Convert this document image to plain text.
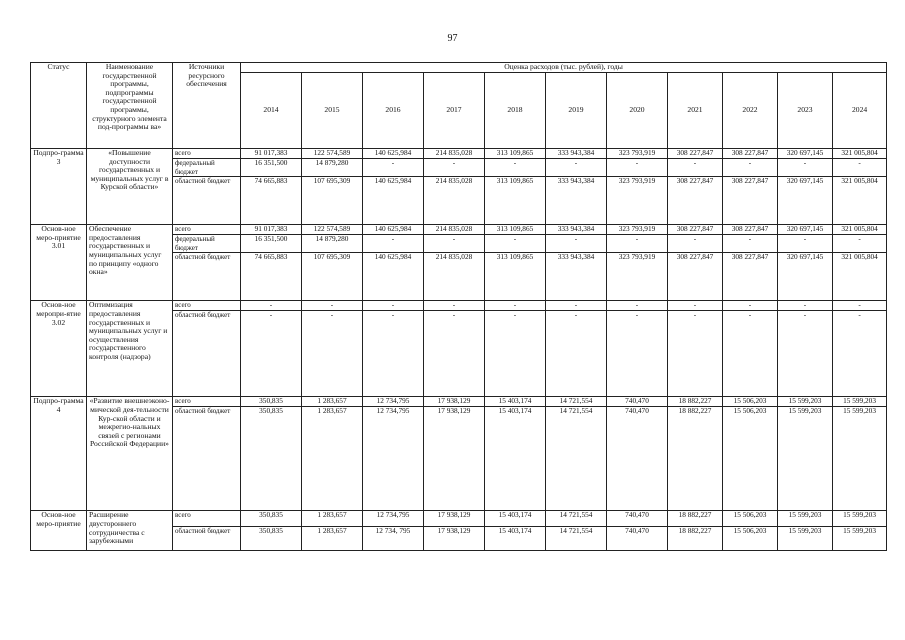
97
Статус	Наименование государственной программы, подпрограммы государственной программы, структурного элемента под-программы ва»	Источники ресурсного обеспечения	Оценка расходов (тыс. рублей), годы										
			2014	2015	2016	2017	2018	2019	2020	2021	2022	2023	2024
Подпро-грамма 3	«Повышение доступности государственных и муниципальных услуг в Курской области»	всего	91 017,383	122 574,589	140 625,984	214 835,028	313 109,865	333 943,384	323 793,919	308 227,847	308 227,847	320 697,145	321 005,804
		федеральный бюджет	16 351,500	14 879,280	-	-	-	-	-	-	-	-	-
		областной бюджет	74 665,883	107 695,309	140 625,984	214 835,028	313 109,865	333 943,384	323 793,919	308 227,847	308 227,847	320 697,145	321 005,804
Основ-ное меро-приятие 3.01	Обеспечение предоставления государственных и муниципальных услуг по принципу «одного окна»	всего	91 017,383	122 574,589	140 625,984	214 835,028	313 109,865	333 943,384	323 793,919	308 227,847	308 227,847	320 697,145	321 005,804
		федеральный бюджет	16 351,500	14 879,280	-	-	-	-	-	-	-	-	-
		областной бюджет	74 665,883	107 695,309	140 625,984	214 835,028	313 109,865	333 943,384	323 793,919	308 227,847	308 227,847	320 697,145	321 005,804
Основ-ное меропри-ятие 3.02	Оптимизация предоставления государственных и муниципальных услуг и осуществления государственного контроля (надзора)	всего	-	-	-	-	-	-	-	-	-	-	-
		областной бюджет	-	-	-	-	-	-	-	-	-	-	-
Подпро-грамма 4	«Развитие внешнеэконо-мической дея-тельности Кур-ской области и межрегио-нальных связей с регионами Российской Федерации»	всего	350,835	1 283,657	12 734,795	17 938,129	15 403,174	14 721,554	740,470	18 882,227	15 506,203	15 599,203	15 599,203
		областной бюджет	350,835	1 283,657	12 734,795	17 938,129	15 403,174	14 721,554	740,470	18 882,227	15 506,203	15 599,203	15 599,203
Основ-ное меро-приятие	Расширение двустороннего сотрудничества с зарубежными	всего	350,835	1 283,657	12 734,795	17 938,129	15 403,174	14 721,554	740,470	18 882,227	15 506,203	15 599,203	15 599,203
		областной бюджет	350,835	1 283,657	12 734, 795	17 938,129	15 403,174	14 721,554	740,470	18 882,227	15 506,203	15 599,203	15 599,203
